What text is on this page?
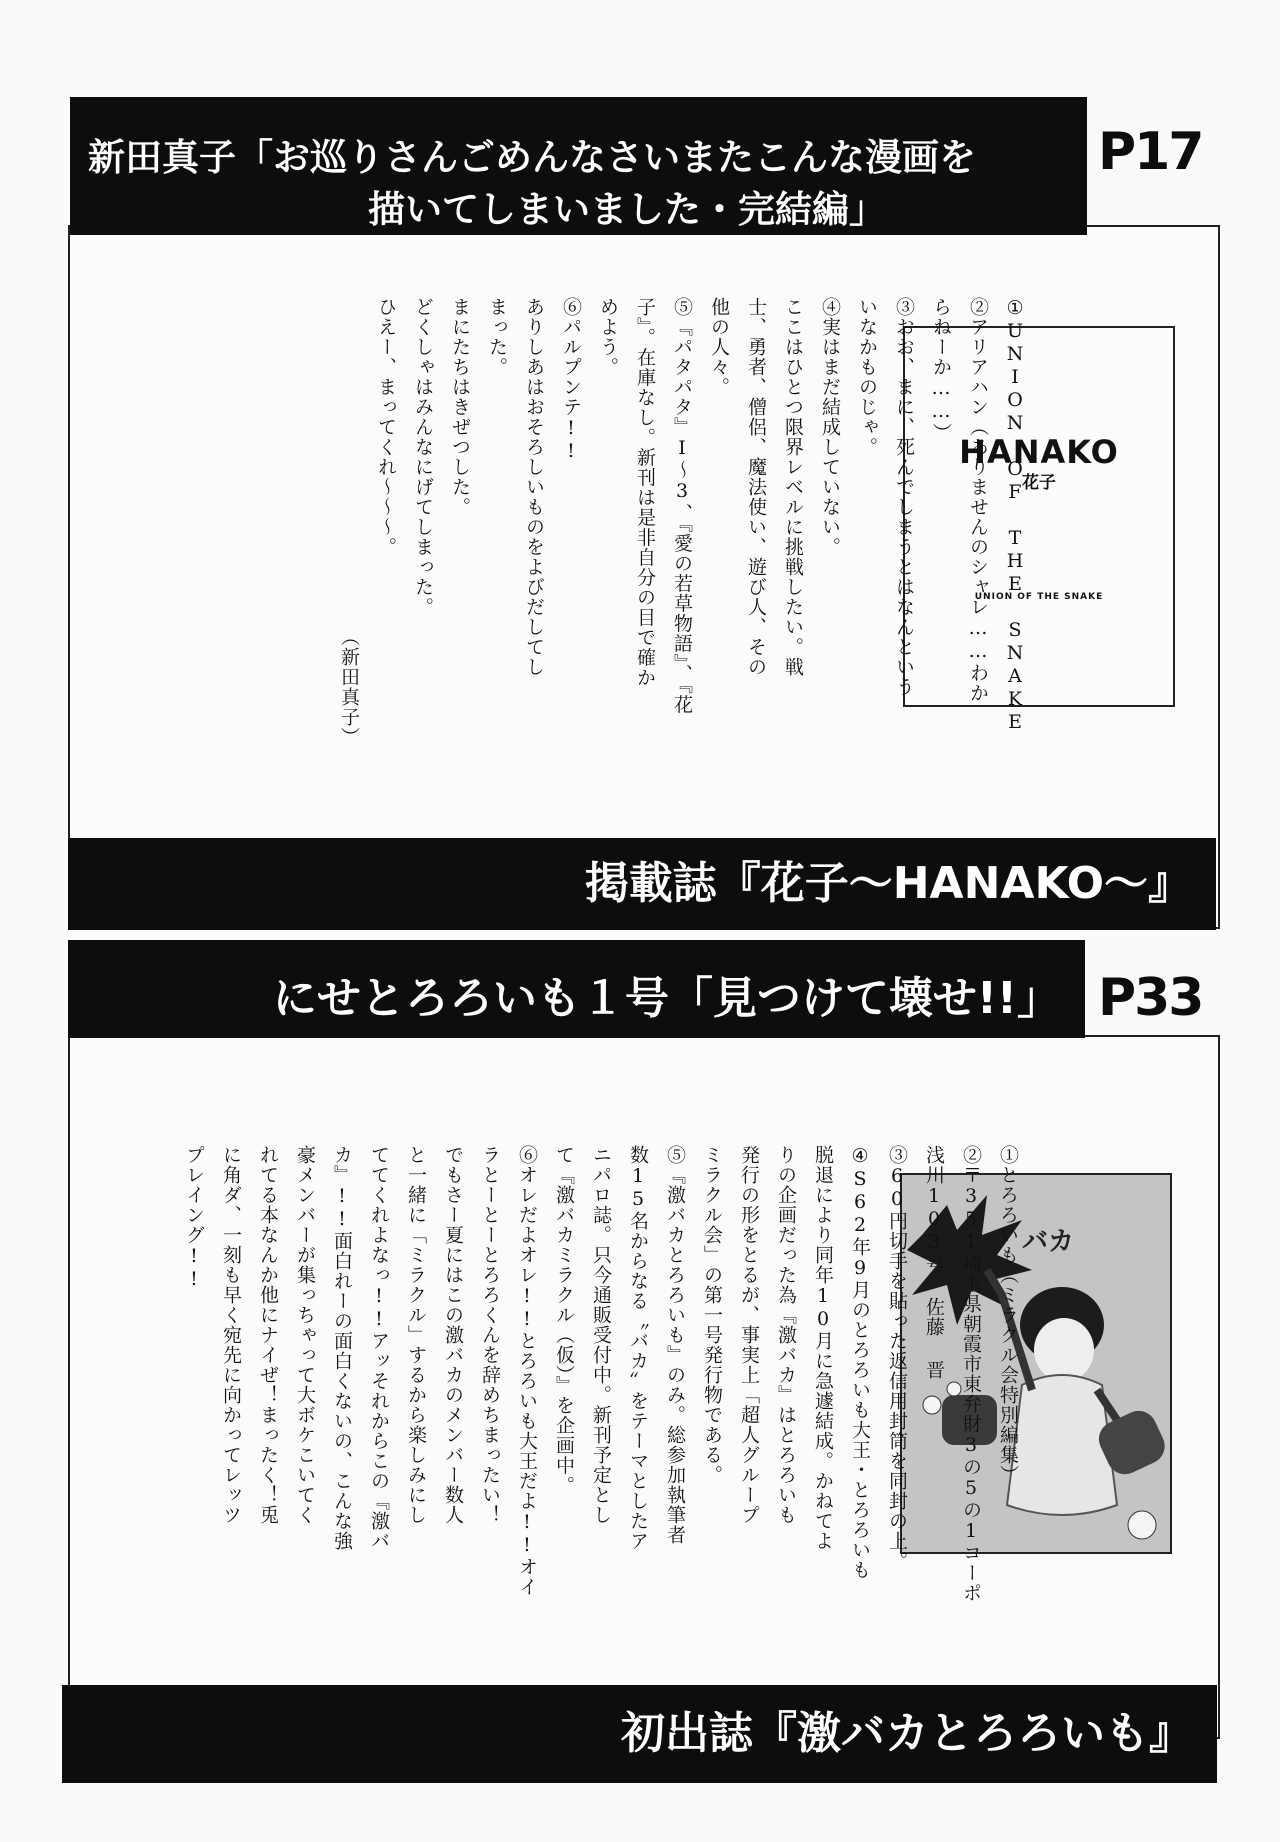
新田真子「お巡りさんごめんなさいまたこんな漫画を
描いてしまいました・完結編」
P17
HANAKO
花子
UNION OF THE SNAKE
①UNION OF THE SNAKE
②アリアハン（ありませんのシャレ……わか
らねーか……）
③おお、まに、死んでしまうとはなんという
いなかものじゃ。
④実はまだ結成していない。
ここはひとつ限界レベルに挑戦したい。戦
士、勇者、僧侶、魔法使い、遊び人、その
他の人々。
⑤『パタパタ』Ⅰ～3、『愛の若草物語』、『花
子』。在庫なし。新刊は是非自分の目で確か
めよう。
⑥パルプンテ!!
ありしあはおそろしいものをよびだしてし
まった。
まにたちはきぜつした。
どくしゃはみんなにげてしまった。
ひえー、まってくれ～～～。
（新田真子）
掲載誌『花子～HANAKO～』
にせとろろいも１号「見つけて壊せ!!」 P33
バカ
①とろろいも（ミラクル会特別編集）
②〒351埼玉県朝霞市東弁財3の5の1コーポ
浅川103号 佐藤 晋
③60円切手を貼った返信用封筒を同封の上。
④S62年9月のとろろいも大王・とろろいも
脱退により同年10月に急遽結成。かねてよ
りの企画だった為『激バカ』はとろろいも
発行の形をとるが、事実上「超人グループ
ミラクル会」の第一号発行物である。
⑤『激バカとろろいも』のみ。総参加執筆者
数15名からなる〝バカ〟をテーマとしたア
ニパロ誌。只今通販受付中。新刊予定とし
て『激バカミラクル（仮）』を企画中。
⑥オレだよオレ!!とろろいも大王だよ!!オイ
ラとーとーとろろくんを辞めちまったい！
でもさー夏にはこの激バカのメンバー数人
と一緒に「ミラクル」するから楽しみにし
ててくれよなっ!!アッそれからこの『激バ
カ』!!面白れーの面白くないの、こんな強
豪メンバーが集っちゃって大ボケこいてく
れてる本なんか他にナイぜ！まったく！兎
に角ダ、一刻も早く宛先に向かってレッツ
プレイング!!
初出誌『激バカとろろいも』
